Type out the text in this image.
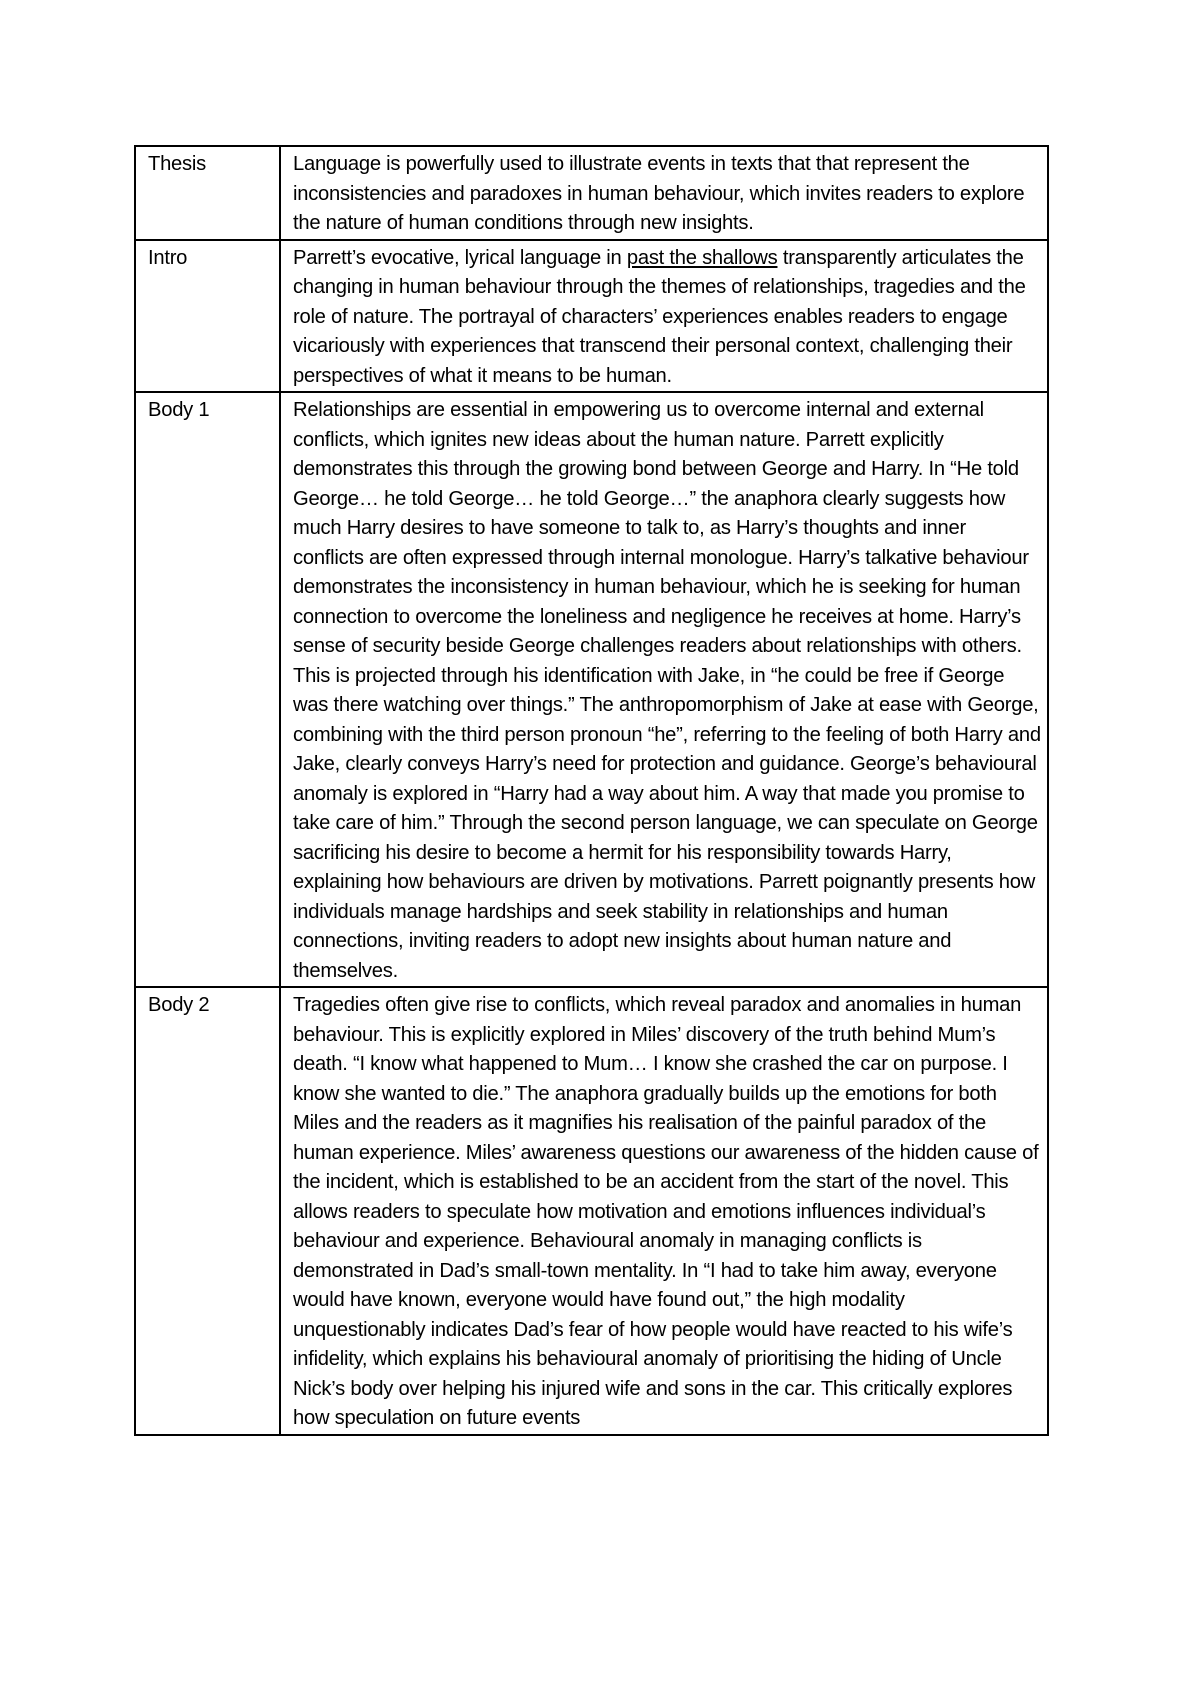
Thesis	Language is powerfully used to illustrate events in texts that that represent the inconsistencies and paradoxes in human behaviour, which invites readers to explore the nature of human conditions through new insights.
Intro	Parrett’s evocative, lyrical language in past the shallows transparently articulates the changing in human behaviour through the themes of relationships, tragedies and the role of nature. The portrayal of characters’ experiences enables readers to engage vicariously with experiences that transcend their personal context, challenging their perspectives of what it means to be human.
Body 1	Relationships are essential in empowering us to overcome internal and external conflicts, which ignites new ideas about the human nature. Parrett explicitly demonstrates this through the growing bond between George and Harry. In “He told George… he told George… he told George…” the anaphora clearly suggests how much Harry desires to have someone to talk to, as Harry’s thoughts and inner conflicts are often expressed through internal monologue. Harry’s talkative behaviour demonstrates the inconsistency in human behaviour, which he is seeking for human connection to overcome the loneliness and negligence he receives at home. Harry’s sense of security beside George challenges readers about relationships with others. This is projected through his identification with Jake, in “he could be free if George was there watching over things.” The anthropomorphism of Jake at ease with George, combining with the third person pronoun “he”, referring to the feeling of both Harry and Jake, clearly conveys Harry’s need for protection and guidance. George’s behavioural anomaly is explored in “Harry had a way about him. A way that made you promise to take care of him.” Through the second person language, we can speculate on George sacrificing his desire to become a hermit for his responsibility towards Harry, explaining how behaviours are driven by motivations. Parrett poignantly presents how individuals manage hardships and seek stability in relationships and human connections, inviting readers to adopt new insights about human nature and themselves.
Body 2	Tragedies often give rise to conflicts, which reveal paradox and anomalies in human behaviour. This is explicitly explored in Miles’ discovery of the truth behind Mum’s death. “I know what happened to Mum… I know she crashed the car on purpose. I know she wanted to die.” The anaphora gradually builds up the emotions for both Miles and the readers as it magnifies his realisation of the painful paradox of the human experience. Miles’ awareness questions our awareness of the hidden cause of the incident, which is established to be an accident from the start of the novel. This allows readers to speculate how motivation and emotions influences individual’s behaviour and experience. Behavioural anomaly in managing conflicts is demonstrated in Dad’s small-town mentality. In “I had to take him away, everyone would have known, everyone would have found out,” the high modality unquestionably indicates Dad’s fear of how people would have reacted to his wife’s infidelity, which explains his behavioural anomaly of prioritising the hiding of Uncle Nick’s body over helping his injured wife and sons in the car. This critically explores how speculation on future events
